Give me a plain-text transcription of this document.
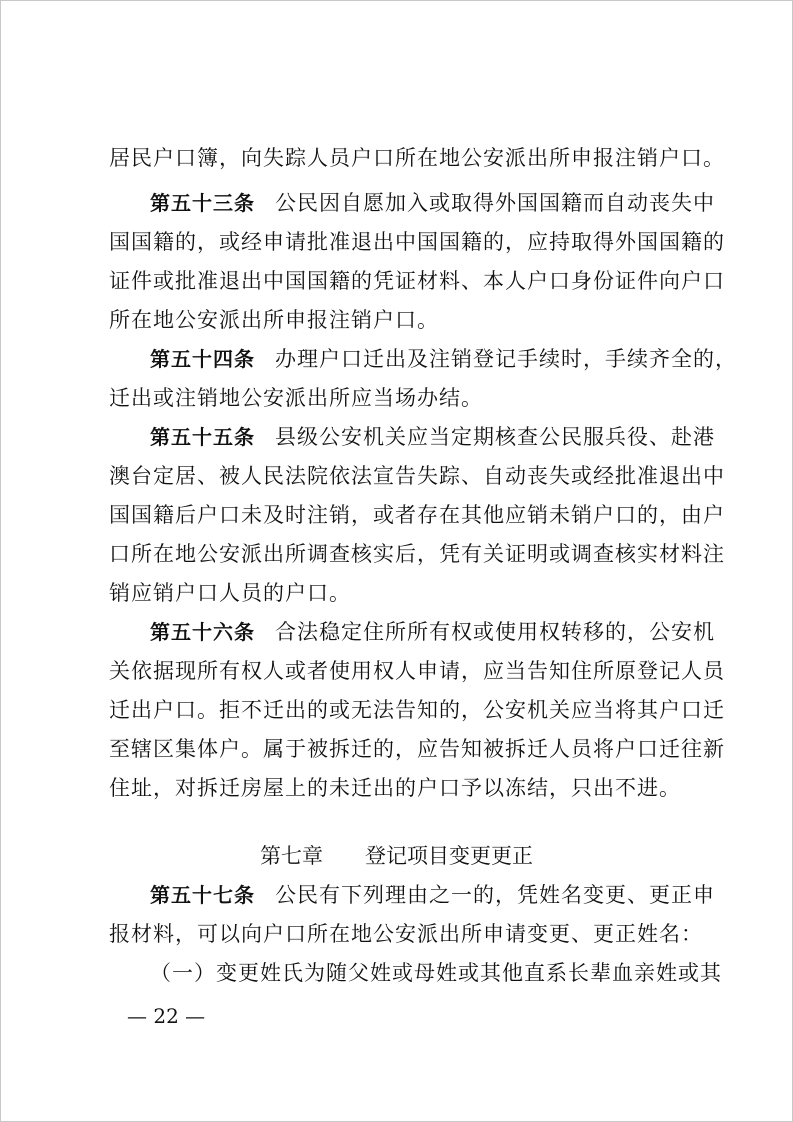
居民户口簿，向失踪人员户口所在地公安派出所申报注销户口。
第五十三条 公民因自愿加入或取得外国国籍而自动丧失中
国国籍的，或经申请批准退出中国国籍的，应持取得外国国籍的
证件或批准退出中国国籍的凭证材料、本人户口身份证件向户口
所在地公安派出所申报注销户口。
第五十四条 办理户口迁出及注销登记手续时，手续齐全的，
迁出或注销地公安派出所应当场办结。
第五十五条 县级公安机关应当定期核查公民服兵役、赴港
澳台定居、被人民法院依法宣告失踪、自动丧失或经批准退出中
国国籍后户口未及时注销，或者存在其他应销未销户口的，由户
口所在地公安派出所调查核实后，凭有关证明或调查核实材料注
销应销户口人员的户口。
第五十六条 合法稳定住所所有权或使用权转移的，公安机
关依据现所有权人或者使用权人申请，应当告知住所原登记人员
迁出户口。拒不迁出的或无法告知的，公安机关应当将其户口迁
至辖区集体户。属于被拆迁的，应告知被拆迁人员将户口迁往新
住址，对拆迁房屋上的未迁出的户口予以冻结，只出不进。
第七章 登记项目变更更正
第五十七条 公民有下列理由之一的，凭姓名变更、更正申
报材料，可以向户口所在地公安派出所申请变更、更正姓名：
（一）变更姓氏为随父姓或母姓或其他直系长辈血亲姓或其
— 22 —
